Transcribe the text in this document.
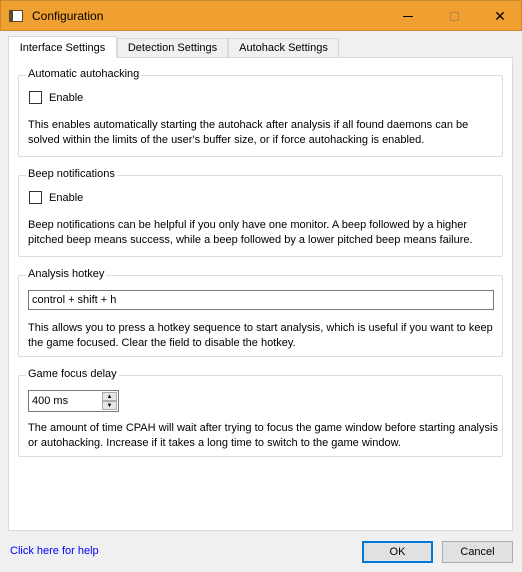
Configuration	✕
Interface Settings Detection Settings Autohack Settings
Automatic autohacking
Enable
This enables automatically starting the autohack after analysis if all found daemons can be solved within the limits of the user's buffer size, or if force autohacking is enabled.
Beep notifications
Enable
Beep notifications can be helpful if you only have one monitor. A beep followed by a higher pitched beep means success, while a beep followed by a lower pitched beep means failure.
Analysis hotkey
control + shift + h
This allows you to press a hotkey sequence to start analysis, which is useful if you want to keep the game focused. Clear the field to disable the hotkey.
Game focus delay
400 ms	▲
▼
The amount of time CPAH will wait after trying to focus the game window before starting analysis or autohacking. Increase if it takes a long time to switch to the game window.
Click here for help	OK	Cancel
